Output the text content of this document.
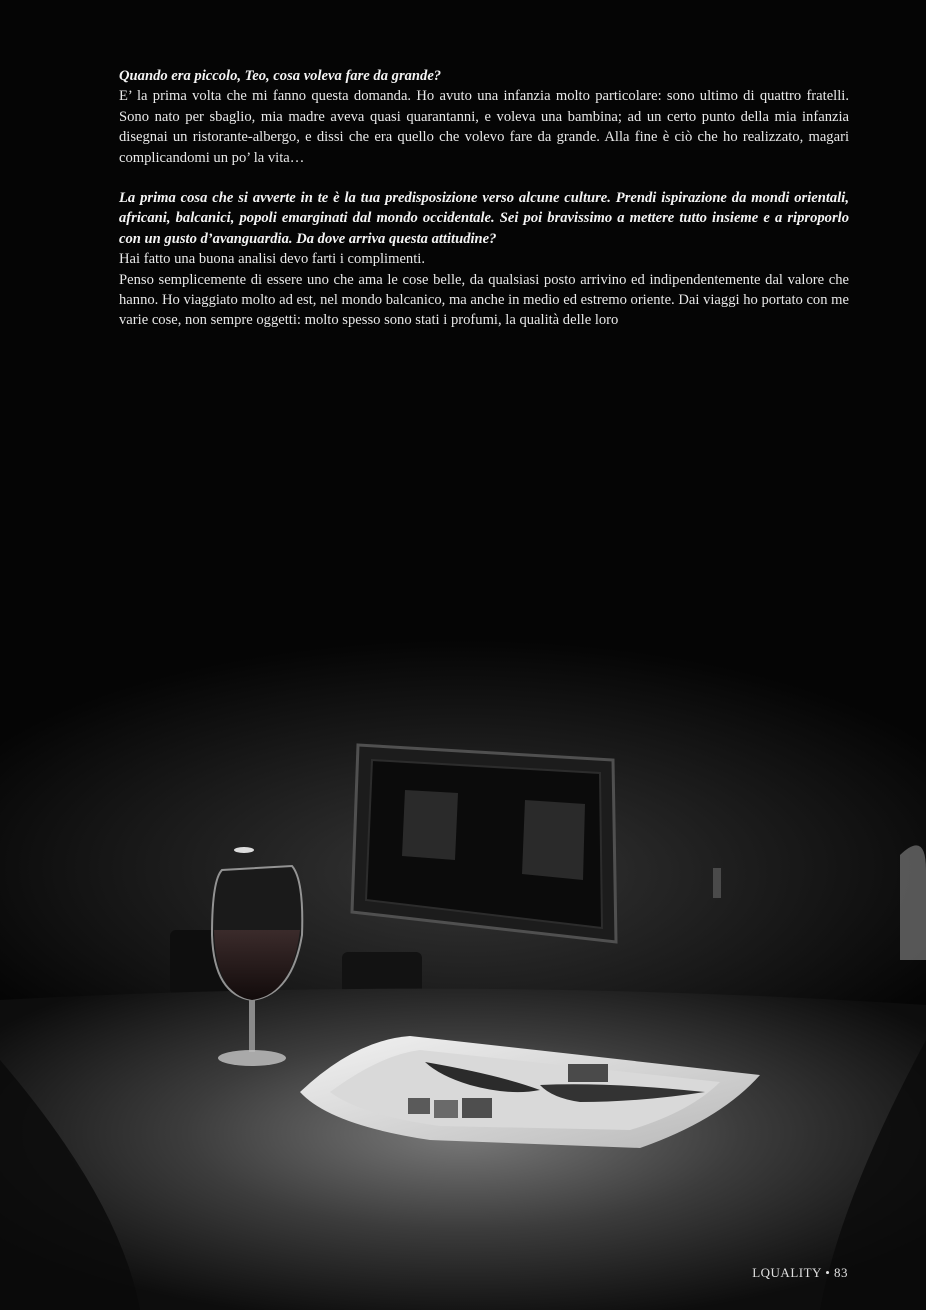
Quando era piccolo, Teo, cosa voleva fare da grande?

E’ la prima volta che mi fanno questa domanda. Ho avuto una infanzia molto particolare: sono ultimo di quattro fratelli. Sono nato per sbaglio, mia madre aveva quasi quarantanni, e voleva una bambina; ad un certo punto della mia infanzia disegnai un ristorante-albergo, e dissi che era quello che volevo fare da grande. Alla fine è ciò che ho realizzato, magari complicandomi un po’ la vita…

La prima cosa che si avverte in te è la tua predisposizione verso alcune culture. Prendi ispirazione da mondi orientali, africani, balcanici, popoli emarginati dal mondo occidentale. Sei poi bravissimo a mettere tutto insieme e a riproporlo con un gusto d’avanguardia. Da dove arriva questa attitudine?

Hai fatto una buona analisi devo farti i complimenti.

Penso semplicemente di essere uno che ama le cose belle, da qualsiasi posto arrivino ed indipendentemente dal valore che hanno. Ho viaggiato molto ad est, nel mondo balcanico, ma anche in medio ed estremo oriente. Dai viaggi ho portato con me varie cose, non sempre oggetti: molto spesso sono stati i profumi, la qualità delle loro

LQUALITY • 83
